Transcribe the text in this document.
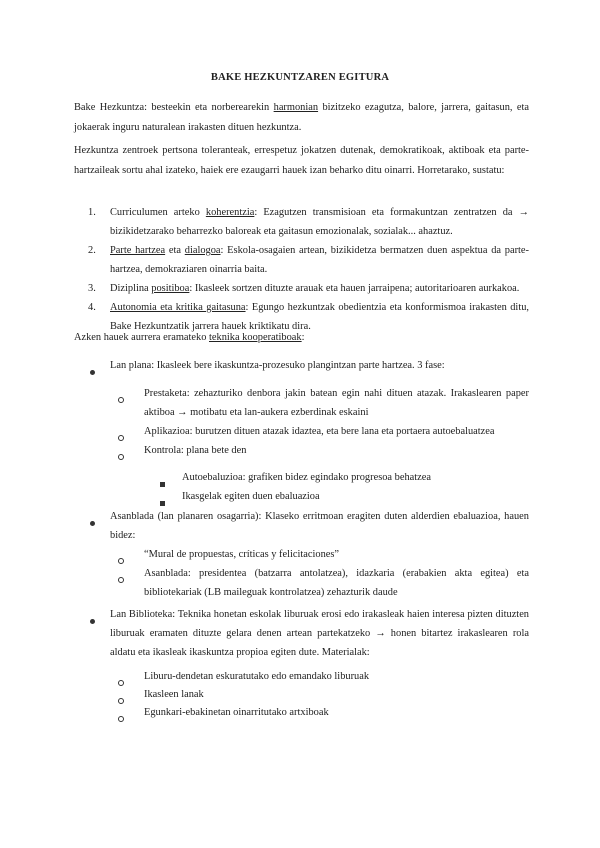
BAKE HEZKUNTZAREN EGITURA

Bake Hezkuntza: besteekin eta norberearekin harmonian bizitzeko ezagutza, balore, jarrera, gaitasun, eta jokaerak inguru naturalean irakasten dituen hezkuntza.

Hezkuntza zentroek pertsona toleranteak, errespetuz jokatzen dutenak, demokratikoak, aktiboak eta parte-hartzaileak sortu ahal izateko, haiek ere ezaugarri hauek izan beharko ditu oinarri. Horretarako, sustatu:

1. Curriculumen arteko koherentzia: Ezagutzen transmisioan eta formakuntzan zentratzen da → bizikidetzarako beharrezko baloreak eta gaitasun emozionalak, sozialak... ahaztuz.
2. Parte hartzea eta dialogoa: Eskola-osagaien artean, bizikidetza bermatzen duen aspektua da parte-hartzea, demokraziaren oinarria baita.
3. Diziplina positiboa: Ikasleek sortzen dituzte arauak eta hauen jarraipena; autoritarioaren aurkakoa.
4. Autonomia eta kritika gaitasuna: Egungo hezkuntzak obedientzia eta konformismoa irakasten ditu, Bake Hezkuntzatik jarrera hauek kriktikatu dira.

Azken hauek aurrera eramateko teknika kooperatiboak:

Lan plana: Ikasleek bere ikaskuntza-prozesuko plangintzan parte hartzea. 3 fase:
Prestaketa: zehazturiko denbora jakin batean egin nahi dituen atazak. Irakaslearen paper aktiboa → motibatu eta lan-aukera ezberdinak eskaini
Aplikazioa: burutzen dituen atazak idaztea, eta bere lana eta portaera autoebaluatzea
Kontrola: plana bete den
Autoebaluzioa: grafiken bidez egindako progresoa behatzea
Ikasgelak egiten duen ebaluazioa
Asanblada (lan planaren osagarria): Klaseko erritmoan eragiten duten alderdien ebaluazioa, hauen bidez:
“Mural de propuestas, críticas y felicitaciones”
Asanblada: presidentea (batzarra antolatzea), idazkaria (erabakien akta egitea) eta bibliotekariak (LB maileguak kontrolatzea) zehazturik daude
Lan Biblioteka: Teknika honetan eskolak liburuak erosi edo irakasleak haien interesa pizten dituzten liburuak eramaten dituzte gelara denen artean partekatzeko → honen bitartez irakaslearen rola aldatu eta ikasleak ikaskuntza propioa egiten dute. Materialak:
Liburu-dendetan eskuratutako edo emandako liburuak
Ikasleen lanak
Egunkari-ebakinetan oinarritutako artxiboak
